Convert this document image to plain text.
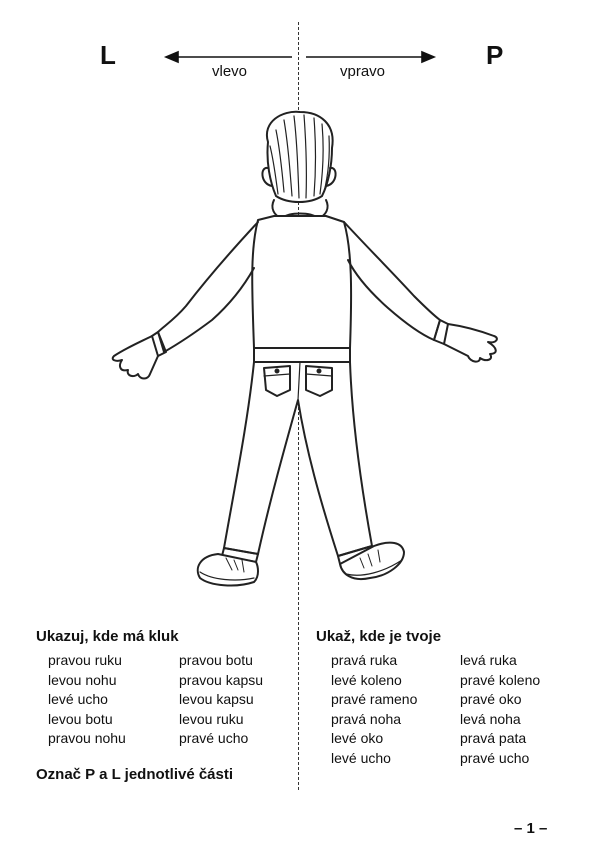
L	P
vlevo	vpravo
Ukazuj, kde má kluk
pravou ruku
levou nohu
levé ucho
levou botu
pravou nohu
pravou botu
pravou kapsu
levou kapsu
levou ruku
pravé ucho
Označ P a L jednotlivé části
Ukaž, kde je tvoje
pravá ruka
levé koleno
pravé rameno
pravá noha
levé oko
levé ucho
levá ruka
pravé koleno
pravé oko
levá noha
pravá pata
pravé ucho
– 1 –
